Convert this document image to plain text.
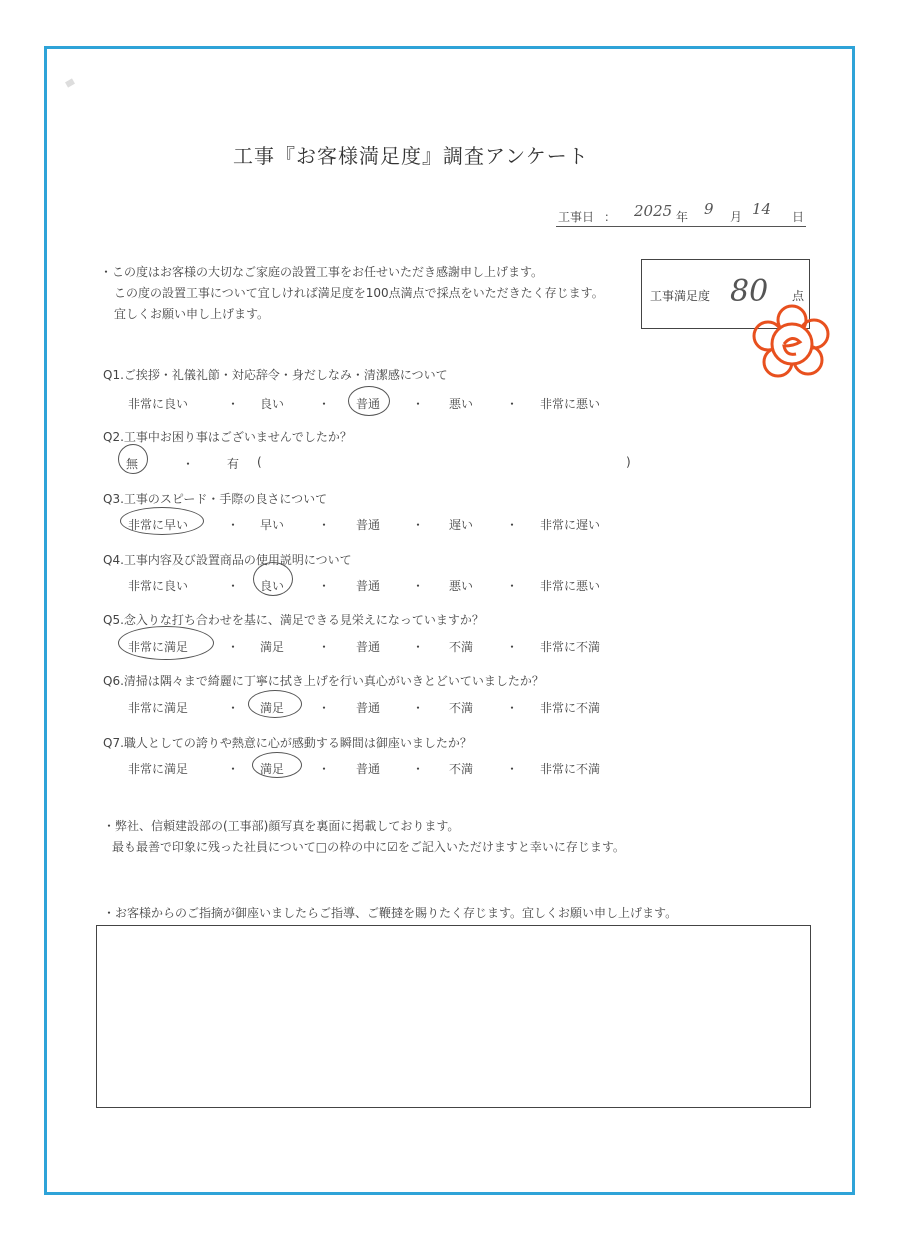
工事『お客様満足度』調査アンケート
工事日 ： 2025 年 9 月 14 日
・この度はお客様の大切なご家庭の設置工事をお任せいただき感謝申し上げます。
この度の設置工事について宜しければ満足度を100点満点で採点をいただきたく存じます。
宜しくお願い申し上げます。
工事満足度 80 点
Q1.ご挨拶・礼儀礼節・対応辞令・身だしなみ・清潔感について
非常に良い	・ 良い	・ 普通	・ 悪い	・ 非常に悪い
Q2.工事中お困り事はございませんでしたか？
無	・	有 (	)
Q3.工事のスピード・手際の良さについて
非常に早い	・ 早い	・ 普通	・ 遅い	・ 非常に遅い
Q4.工事内容及び設置商品の使用説明について
非常に良い	・ 良い	・ 普通	・ 悪い	・ 非常に悪い
Q5.念入りな打ち合わせを基に、満足できる見栄えになっていますか？
非常に満足	・ 満足	・ 普通	・ 不満	・ 非常に不満
Q6.清掃は隅々まで綺麗に丁寧に拭き上げを行い真心がいきとどいていましたか？
非常に満足	・ 満足	・ 普通	・ 不満	・ 非常に不満
Q7.職人としての誇りや熱意に心が感動する瞬間は御座いましたか？
非常に満足	・ 満足	・ 普通	・ 不満	・ 非常に不満
・弊社、信頼建設部の(工事部)顔写真を裏面に掲載しております。
最も最善で印象に残った社員について□の枠の中に☑をご記入いただけますと幸いに存じます。
・お客様からのご指摘が御座いましたらご指導、ご鞭撻を賜りたく存じます。宜しくお願い申し上げます。
